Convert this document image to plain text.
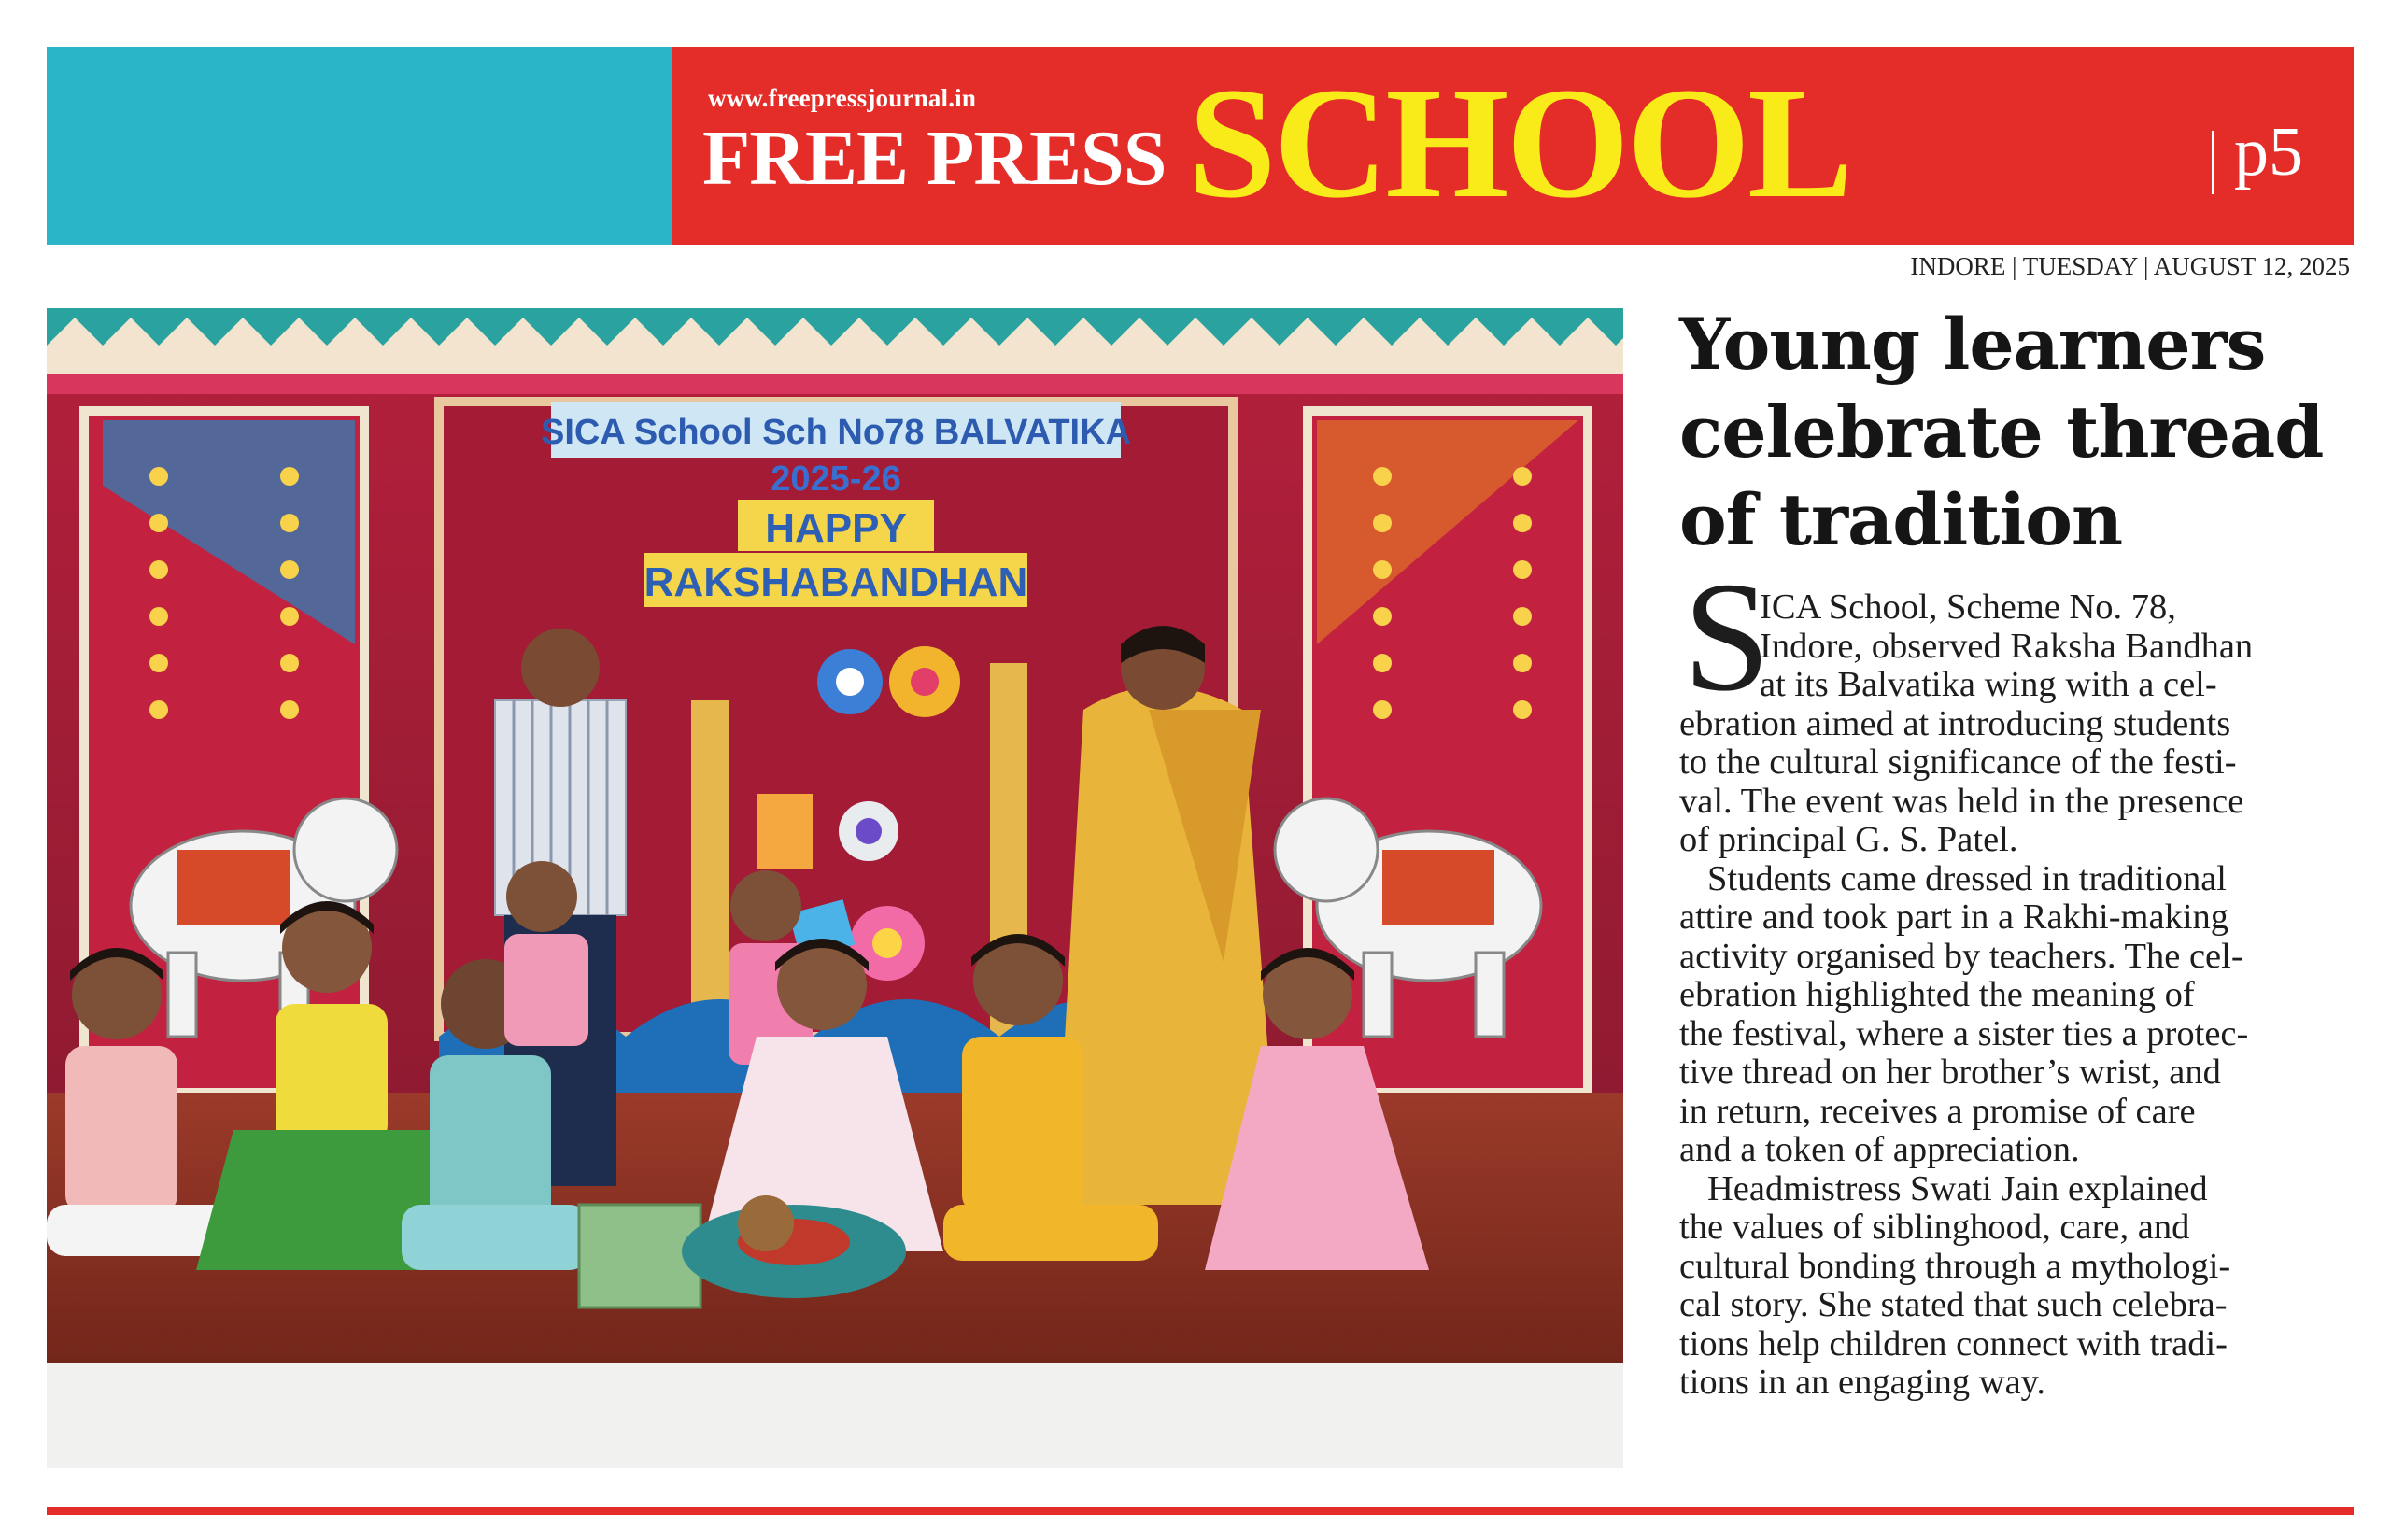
www.freepressjournal.in
FREE PRESS SCHOOL	p5
INDORE | TUESDAY | AUGUST 12, 2025
SICA School Sch No78 BALVATIKA
2025-26
HAPPY
RAKSHABANDHAN
Young learners
celebrate thread
of tradition
S
ICA School, Scheme No. 78,
Indore, observed Raksha Bandhan
at its Balvatika wing with a cel-
ebration aimed at introducing students
to the cultural significance of the festi-
val. The event was held in the presence
of principal G. S. Patel.
Students came dressed in traditional
attire and took part in a Rakhi-making
activity organised by teachers. The cel-
ebration highlighted the meaning of
the festival, where a sister ties a protec-
tive thread on her brother’s wrist, and
in return, receives a promise of care
and a token of appreciation.
Headmistress Swati Jain explained
the values of siblinghood, care, and
cultural bonding through a mythologi-
cal story. She stated that such celebra-
tions help children connect with tradi-
tions in an engaging way.
